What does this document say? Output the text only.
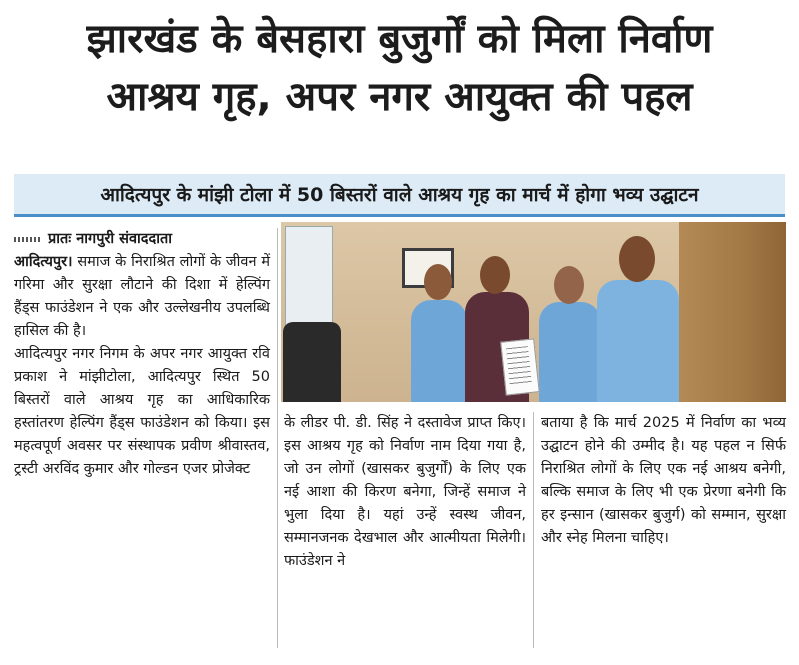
झारखंड के बेसहारा बुजुर्गों को मिला निर्वाण
आश्रय गृह, अपर नगर आयुक्त की पहल
आदित्यपुर के मांझी टोला में 50 बिस्तरों वाले आश्रय गृह का मार्च में होगा भव्य उद्घाटन
प्रातः नागपुरी संवाददाता
आदित्यपुर। समाज के निराश्रित लोगों के जीवन में गरिमा और सुरक्षा लौटाने की दिशा में हेल्पिंग हैंड्स फाउंडेशन ने एक और उल्लेखनीय उपलब्धि हासिल की है।
आदित्यपुर नगर निगम के अपर नगर आयुक्त रवि प्रकाश ने मांझीटोला, आदित्यपुर स्थित 50 बिस्तरों वाले आश्रय गृह का आधिकारिक हस्तांतरण हेल्पिंग हैंड्स फाउंडेशन को किया। इस महत्वपूर्ण अवसर पर संस्थापक प्रवीण श्रीवास्तव, ट्रस्टी अरविंद कुमार और गोल्डन एजर प्रोजेक्ट
के लीडर पी. डी. सिंह ने दस्तावेज प्राप्त किए। इस आश्रय गृह को निर्वाण नाम दिया गया है, जो उन लोगों (खासकर बुजुर्गों) के लिए एक नई आशा की किरण बनेगा, जिन्हें समाज ने भुला दिया है। यहां उन्हें स्वस्थ जीवन, सम्मानजनक देखभाल और आत्मीयता मिलेगी। फाउंडेशन ने
बताया है कि मार्च 2025 में निर्वाण का भव्य उद्घाटन होने की उम्मीद है। यह पहल न सिर्फ निराश्रित लोगों के लिए एक नई आश्रय बनेगी, बल्कि समाज के लिए भी एक प्रेरणा बनेगी कि हर इन्सान (खासकर बुजुर्ग) को सम्मान, सुरक्षा और स्नेह मिलना चाहिए।
